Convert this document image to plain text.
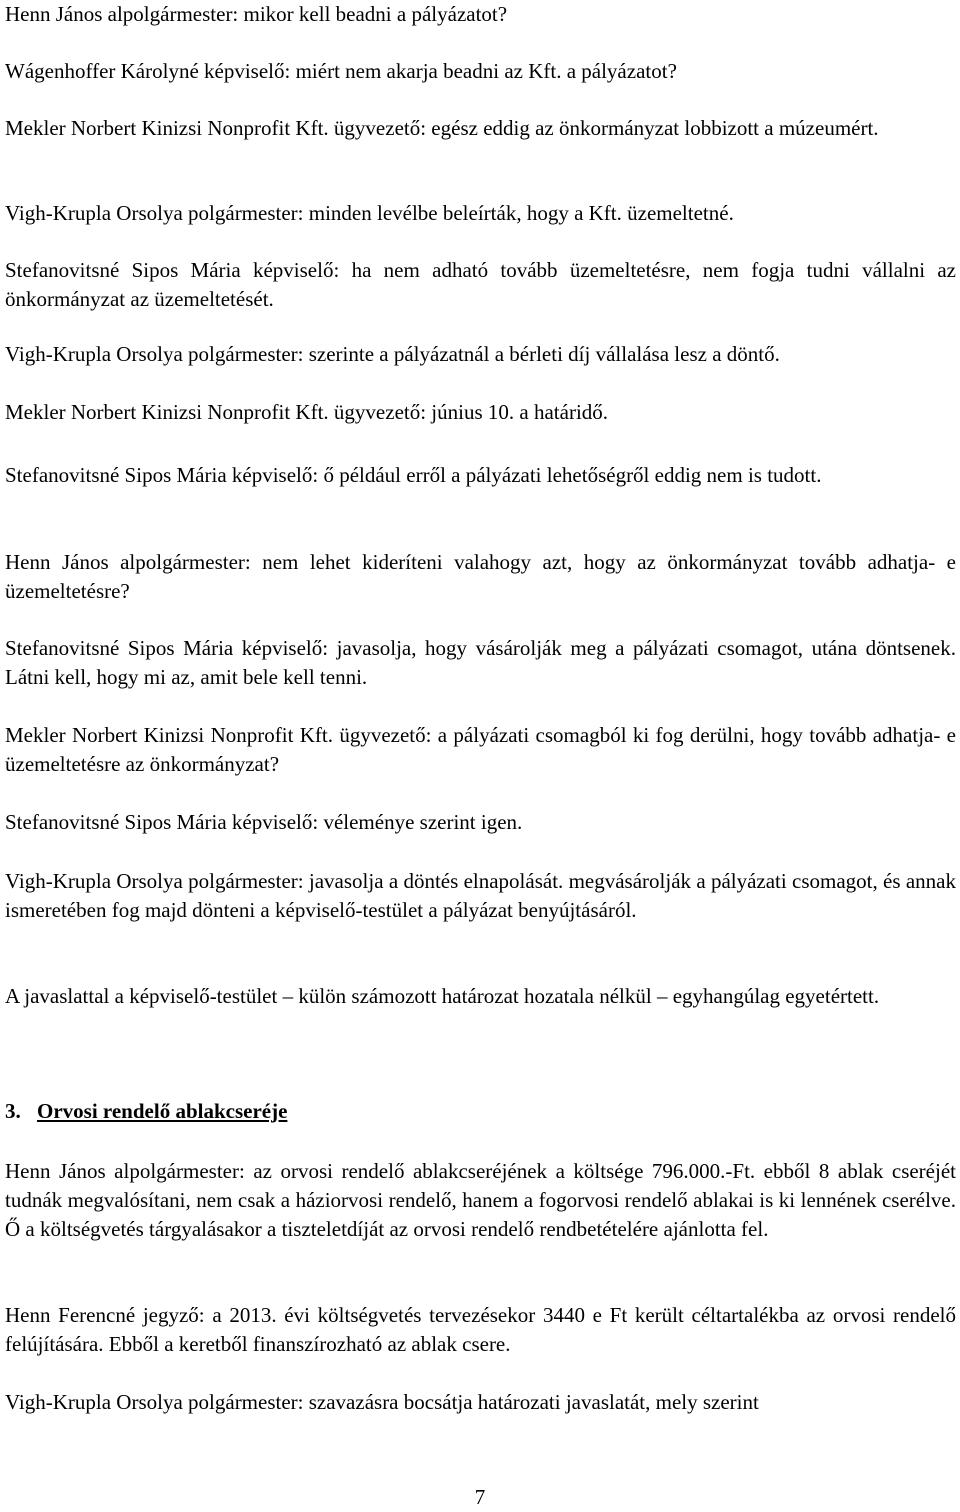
Henn János alpolgármester: mikor kell beadni a pályázatot?

Wágenhoffer Károlyné képviselő: miért nem akarja beadni az Kft. a pályázatot?

Mekler Norbert Kinizsi Nonprofit Kft. ügyvezető: egész eddig az önkormányzat lobbizott a múzeumért.

Vigh-Krupla Orsolya polgármester: minden levélbe beleírták, hogy a Kft. üzemeltetné.

Stefanovitsné Sipos Mária képviselő: ha nem adható tovább üzemeltetésre, nem fogja tudni vállalni az önkormányzat az üzemeltetését.

Vigh-Krupla Orsolya polgármester: szerinte a pályázatnál a bérleti díj vállalása lesz a döntő.

Mekler Norbert Kinizsi Nonprofit Kft. ügyvezető: június 10. a határidő.

Stefanovitsné Sipos Mária képviselő: ő például erről a pályázati lehetőségről eddig nem is tudott.

Henn János alpolgármester: nem lehet kideríteni valahogy azt, hogy az önkormányzat tovább adhatja- e üzemeltetésre?

Stefanovitsné Sipos Mária képviselő: javasolja, hogy vásárolják meg a pályázati csomagot, utána döntsenek. Látni kell, hogy mi az, amit bele kell tenni.

Mekler Norbert Kinizsi Nonprofit Kft. ügyvezető: a pályázati csomagból ki fog derülni, hogy tovább adhatja- e üzemeltetésre az önkormányzat?

Stefanovitsné Sipos Mária képviselő: véleménye szerint igen.

Vigh-Krupla Orsolya polgármester: javasolja a döntés elnapolását. megvásárolják a pályázati csomagot, és annak ismeretében fog majd dönteni a képviselő-testület a pályázat benyújtásáról.

A javaslattal a képviselő-testület – külön számozott határozat hozatala nélkül – egyhangúlag egyetértett.

3. Orvosi rendelő ablakcseréje

Henn János alpolgármester: az orvosi rendelő ablakcseréjének a költsége 796.000.-Ft. ebből 8 ablak cseréjét tudnák megvalósítani, nem csak a háziorvosi rendelő, hanem a fogorvosi rendelő ablakai is ki lennének cserélve. Ő a költségvetés tárgyalásakor a tiszteletdíját az orvosi rendelő rendbetételére ajánlotta fel.

Henn Ferencné jegyző: a 2013. évi költségvetés tervezésekor 3440 e Ft került céltartalékba az orvosi rendelő felújítására. Ebből a keretből finanszírozható az ablak csere.

Vigh-Krupla Orsolya polgármester: szavazásra bocsátja határozati javaslatát, mely szerint

7
